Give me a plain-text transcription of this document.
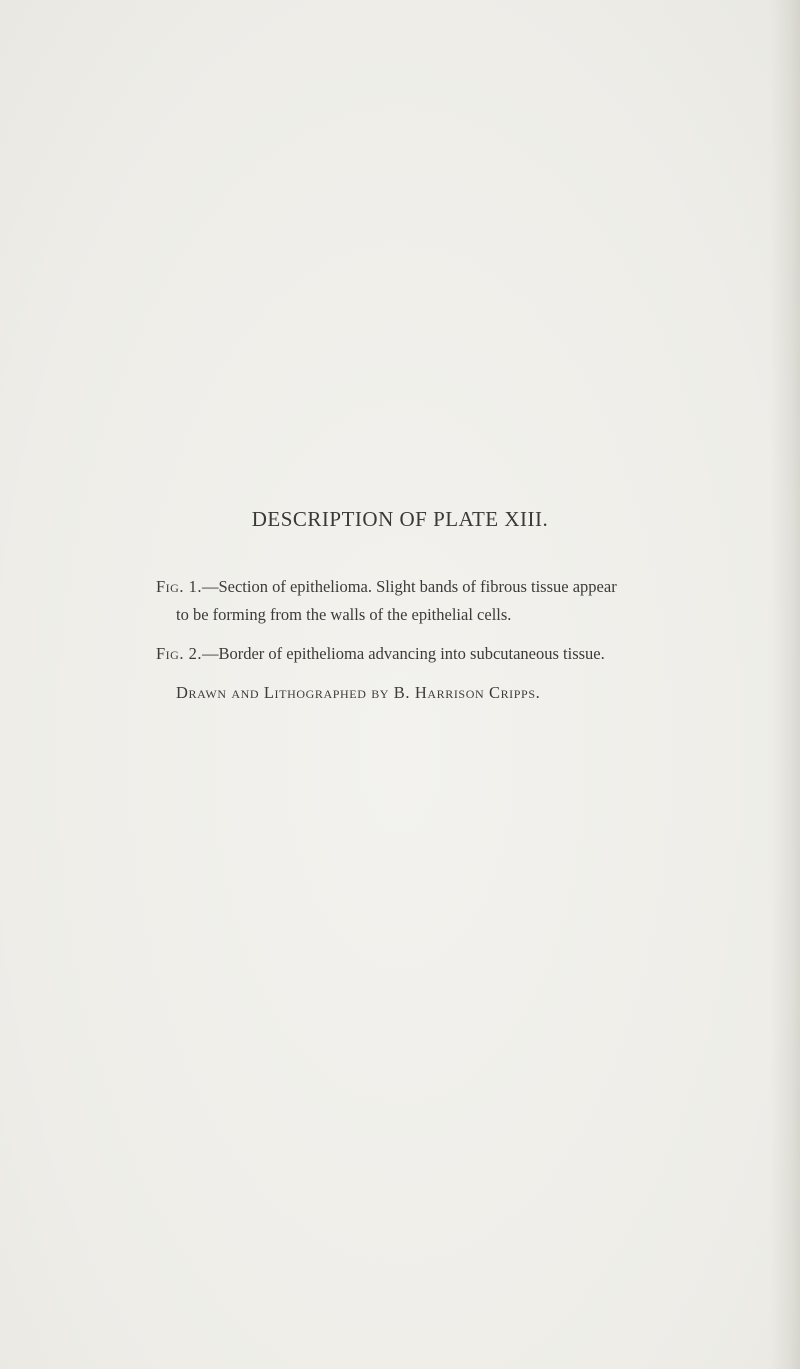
DESCRIPTION OF PLATE XIII.

Fig. 1.—Section of epithelioma. Slight bands of fibrous tissue appear
to be forming from the walls of the epithelial cells.

Fig. 2.—Border of epithelioma advancing into subcutaneous tissue.

Drawn and Lithographed by B. Harrison Cripps.
